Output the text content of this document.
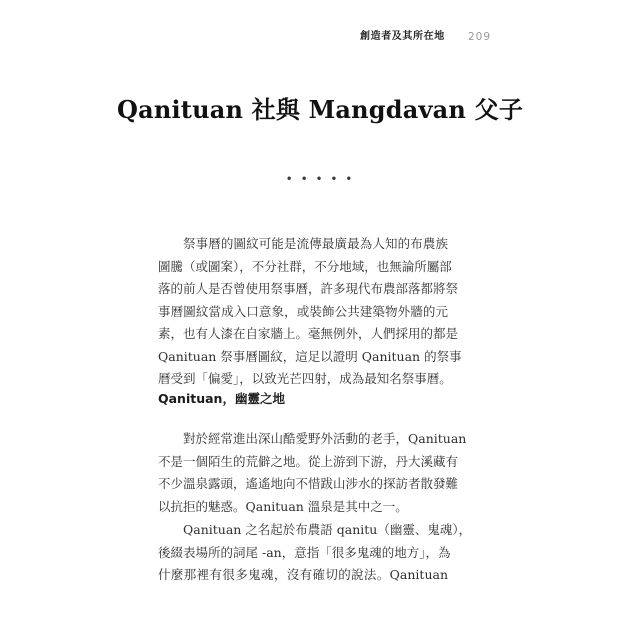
創造者及其所在地 209
Qanituan 社與 Mangdavan 父子
• • • • •
祭事曆的圖紋可能是流傳最廣最為人知的布農族
圖騰（或圖案），不分社群，不分地域，也無論所屬部
落的前人是否曾使用祭事曆，許多現代布農部落都將祭
事曆圖紋當成入口意象，或裝飾公共建築物外牆的元
素，也有人漆在自家牆上。毫無例外，人們採用的都是
Qanituan 祭事曆圖紋，這足以證明 Qanituan 的祭事
曆受到「偏愛」，以致光芒四射，成為最知名祭事曆。
Qanituan，幽靈之地
對於經常進出深山酷愛野外活動的老手，Qanituan
不是一個陌生的荒僻之地。從上游到下游，丹大溪藏有
不少溫泉露頭，遙遙地向不惜跋山涉水的探訪者散發難
以抗拒的魅惑。Qanituan 溫泉是其中之一。
Qanituan 之名起於布農語 qanitu（幽靈、鬼魂），
後綴表場所的詞尾 -an，意指「很多鬼魂的地方」，為
什麼那裡有很多鬼魂，沒有確切的說法。Qanituan
